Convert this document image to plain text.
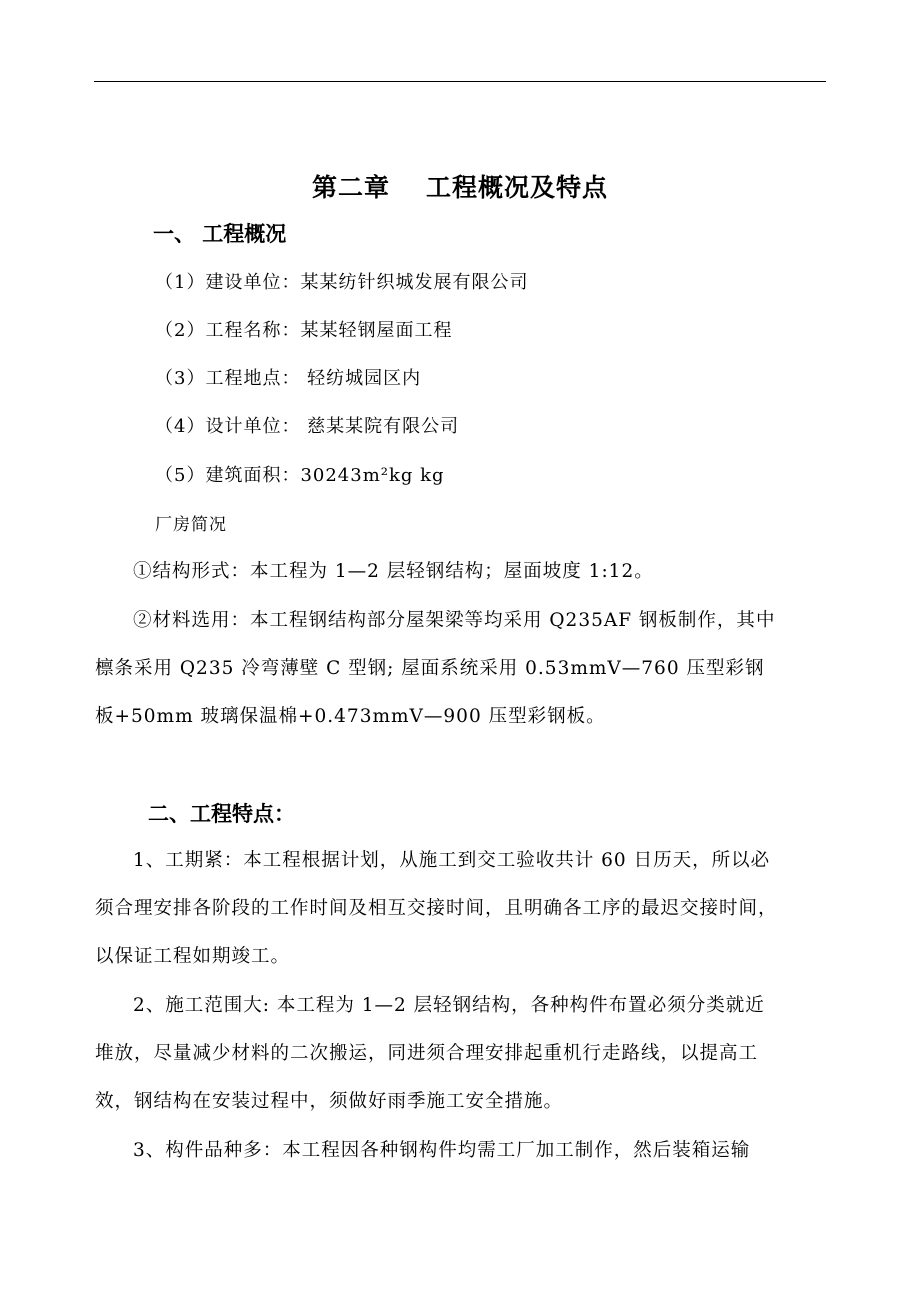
第二章 工程概况及特点
一、 工程概况
（1）建设单位：某某纺针织城发展有限公司
（2）工程名称：某某轻钢屋面工程
（3）工程地点： 轻纺城园区内
（4）设计单位： 慈某某院有限公司
（5）建筑面积：30243m²kg kg
厂房简况
①结构形式：本工程为 1—2 层轻钢结构；屋面坡度 1:12。
②材料选用：本工程钢结构部分屋架梁等均采用 Q235AF 钢板制作，其中
檩条采用 Q235 冷弯薄壁 C 型钢; 屋面系统采用 0.53mmV—760 压型彩钢
板+50mm 玻璃保温棉+0.473mmV—900 压型彩钢板。
二、工程特点：
1、工期紧：本工程根据计划，从施工到交工验收共计 60 日历天，所以必
须合理安排各阶段的工作时间及相互交接时间，且明确各工序的最迟交接时间，
以保证工程如期竣工。
2、施工范围大: 本工程为 1—2 层轻钢结构，各种构件布置必须分类就近
堆放，尽量减少材料的二次搬运，同进须合理安排起重机行走路线，以提高工
效，钢结构在安装过程中，须做好雨季施工安全措施。
3、构件品种多：本工程因各种钢构件均需工厂加工制作，然后装箱运输
